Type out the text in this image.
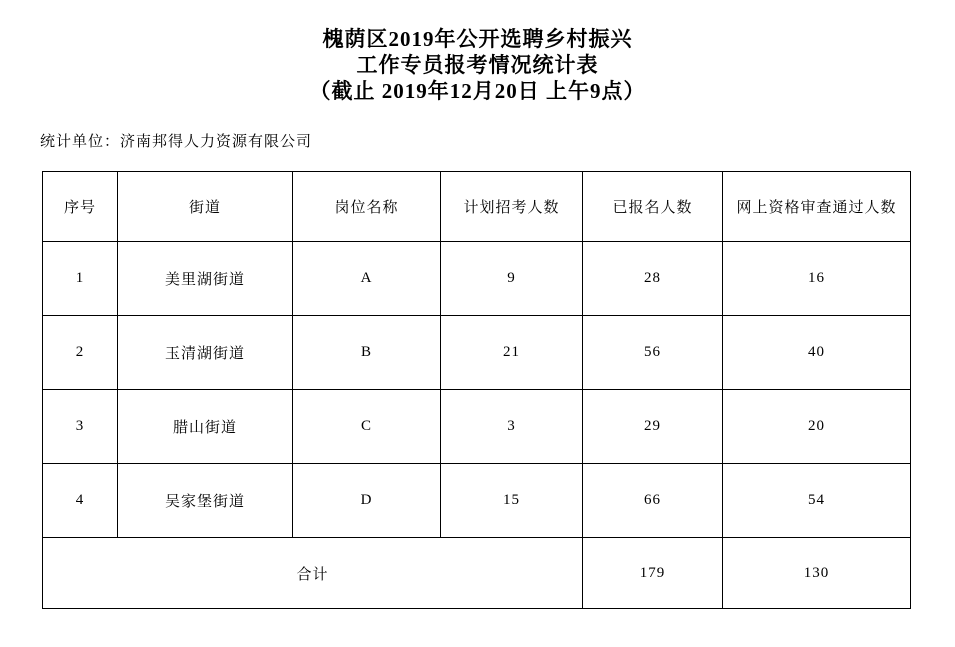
槐荫区2019年公开选聘乡村振兴
工作专员报考情况统计表
（截止 2019年12月20日 上午9点）
统计单位：济南邦得人力资源有限公司
序号	街道	岗位名称	计划招考人数	已报名人数	网上资格审查通过人数
1	美里湖街道	A	9	28	16
2	玉清湖街道	B	21	56	40
3	腊山街道	C	3	29	20
4	吴家堡街道	D	15	66	54
合计				179	130
